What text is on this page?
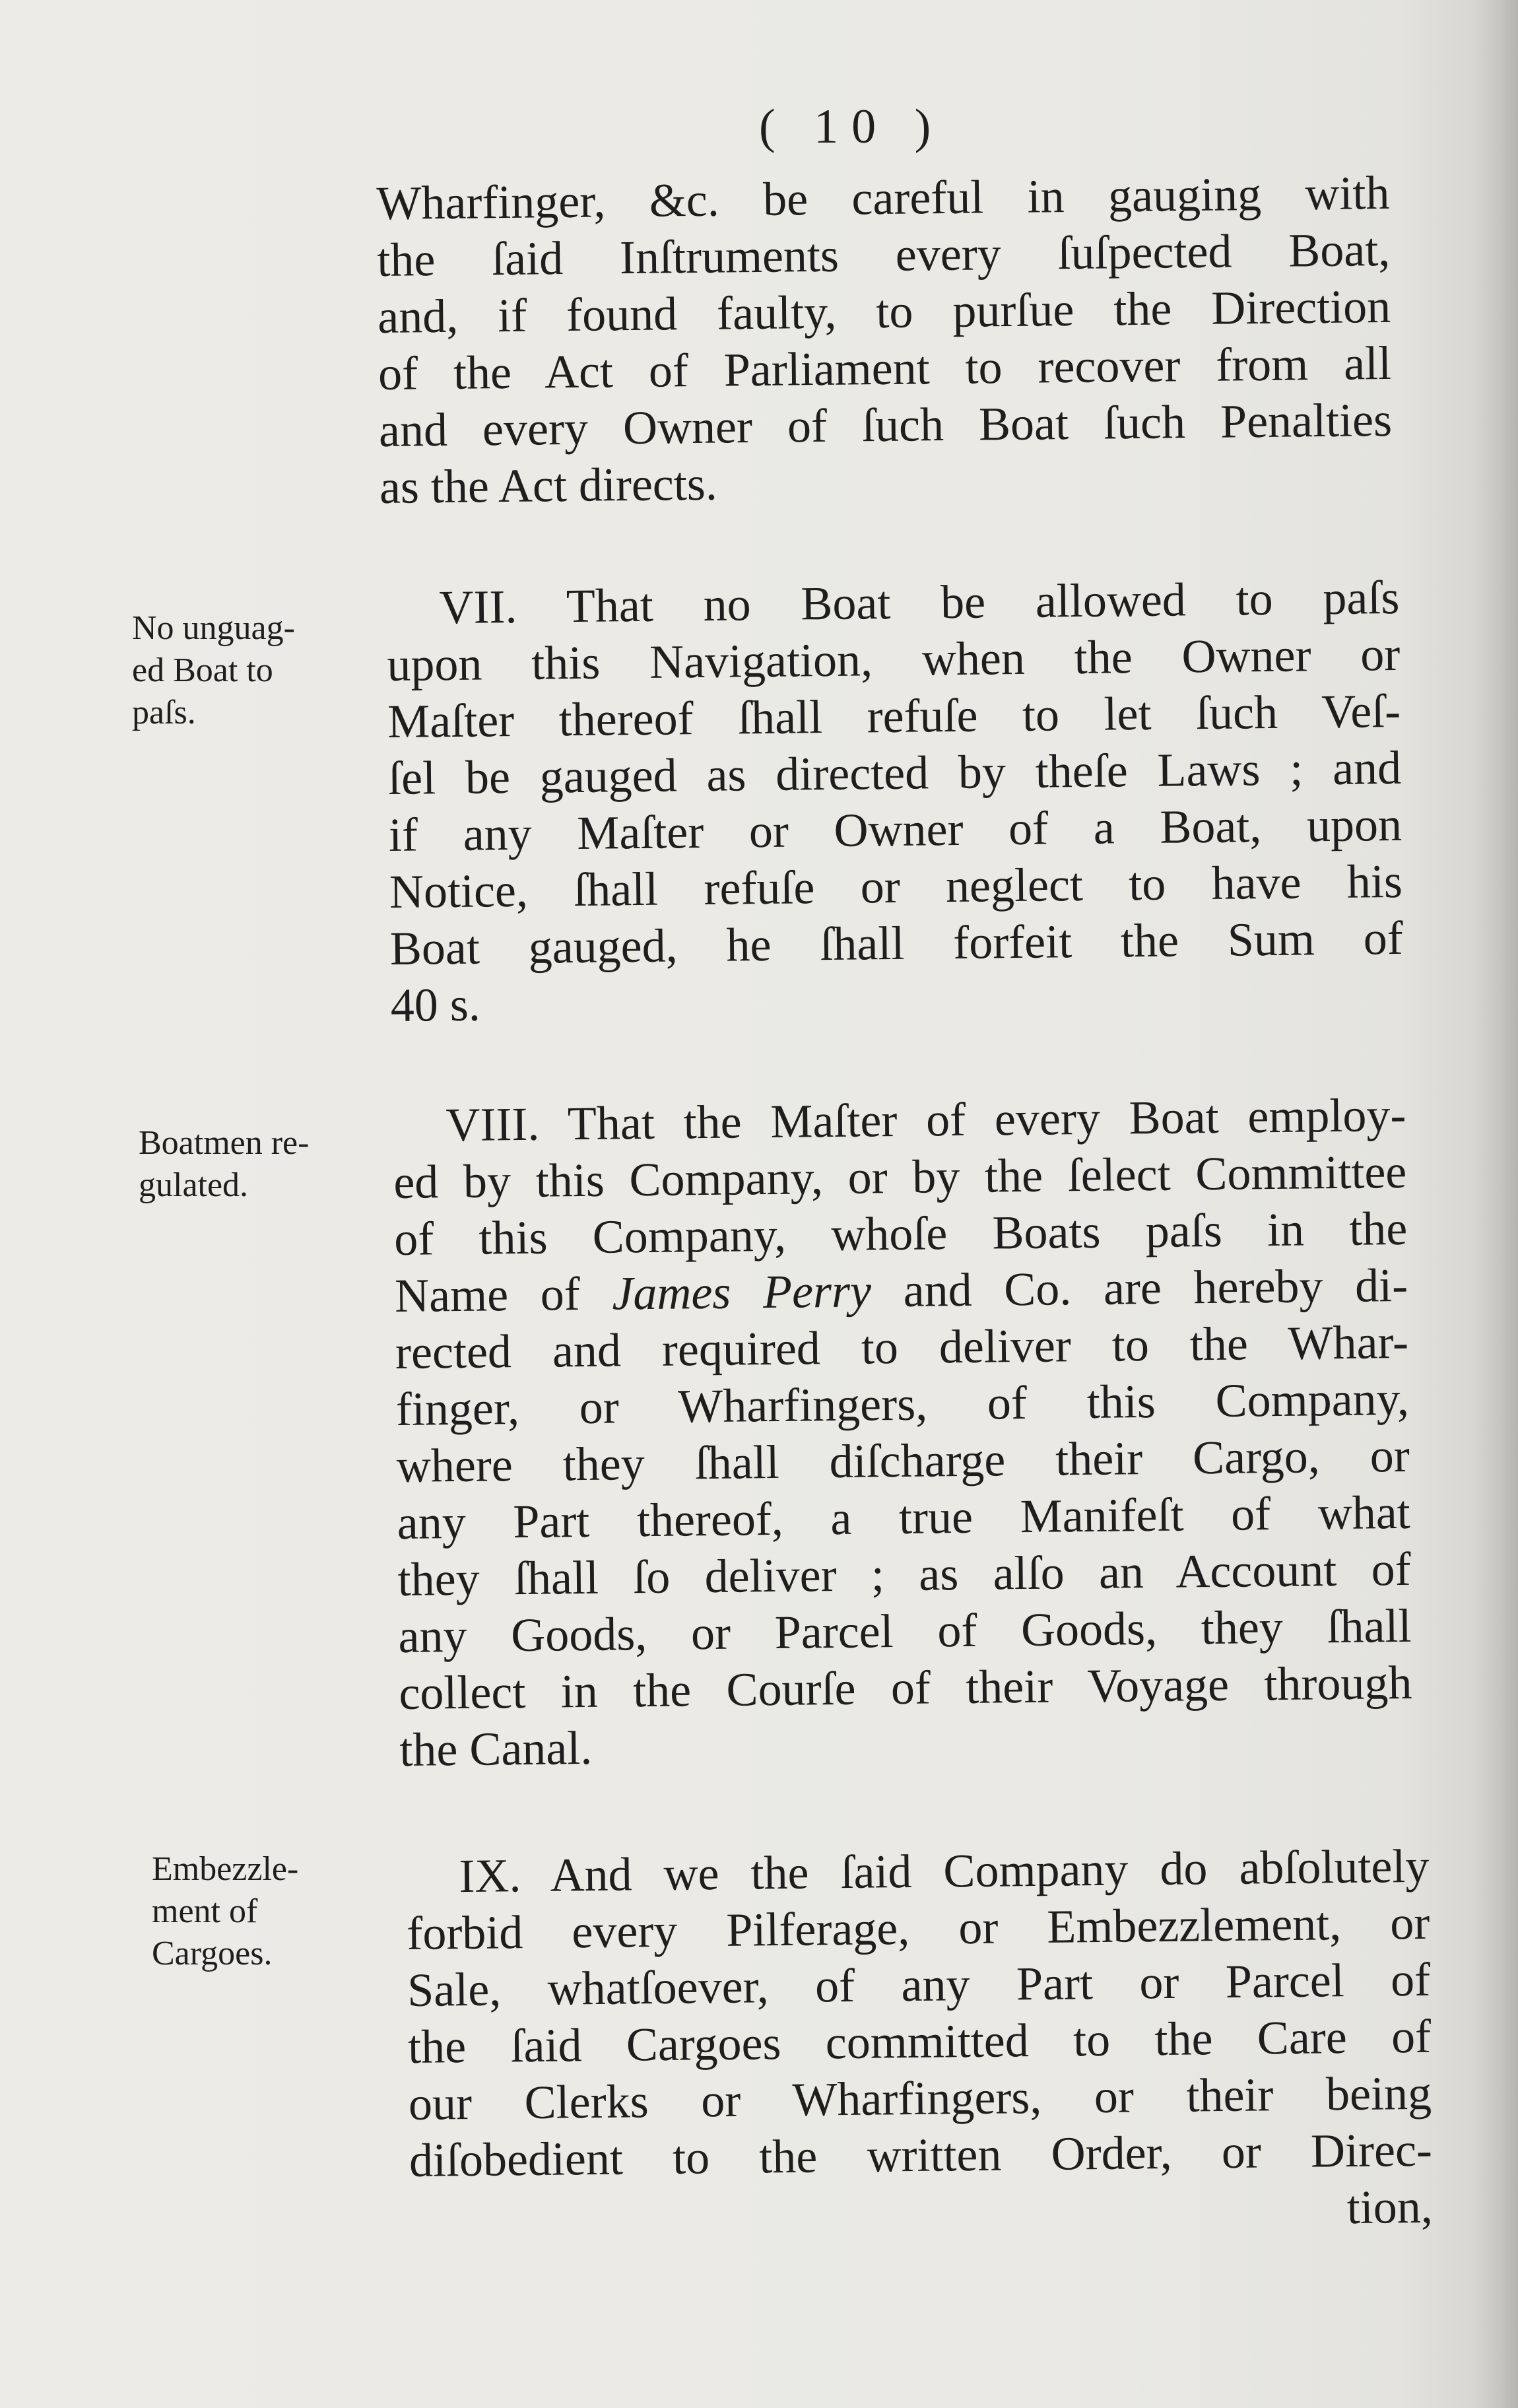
( 10 )
Wharfinger, &c. be careful in gauging with
the ſaid Inſtruments every ſuſpected Boat,
and, if found faulty, to purſue the Direction
of the Act of Parliament to recover from all
and every Owner of ſuch Boat ſuch Penalties
as the Act directs.
No unguag-
ed Boat to
paſs.
VII. That no Boat be allowed to paſs
upon this Navigation, when the Owner or
Maſter thereof ſhall refuſe to let ſuch Veſ-
ſel be gauged as directed by theſe Laws ; and
if any Maſter or Owner of a Boat, upon
Notice, ſhall refuſe or neglect to have his
Boat gauged, he ſhall forfeit the Sum of
40 s.
Boatmen re-
gulated.
VIII. That the Maſter of every Boat employ-
ed by this Company, or by the ſelect Committee
of this Company, whoſe Boats paſs in the
Name of James Perry and Co. are hereby di-
rected and required to deliver to the Whar-
finger, or Wharfingers, of this Company,
where they ſhall diſcharge their Cargo, or
any Part thereof, a true Manifeſt of what
they ſhall ſo deliver ; as alſo an Account of
any Goods, or Parcel of Goods, they ſhall
collect in the Courſe of their Voyage through
the Canal.
Embezzle-
ment of
Cargoes.
IX. And we the ſaid Company do abſolutely
forbid every Pilferage, or Embezzlement, or
Sale, whatſoever, of any Part or Parcel of
the ſaid Cargoes committed to the Care of
our Clerks or Wharfingers, or their being
diſobedient to the written Order, or Direc-
tion,
